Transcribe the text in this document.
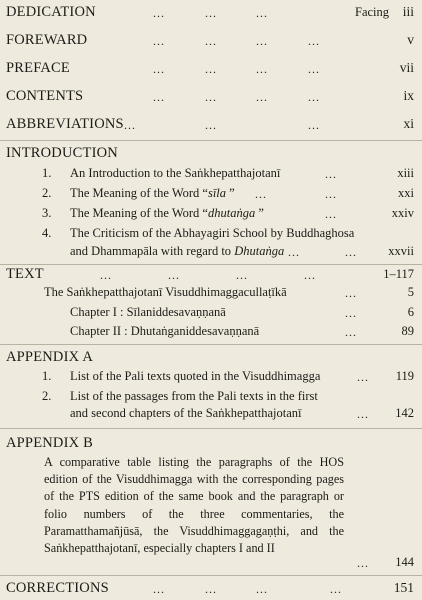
DEDICATION	...	...	...	Facing iii
FOREWARD	...	...	...	...	v
PREFACE	...	...	...	...	vii
CONTENTS	...	...	...	...	ix
ABBREVIATIONS ...	...	...	xi
INTRODUCTION
1. An Introduction to the Saṅkhepatthajotanī	...	xiii
2. The Meaning of the Word “sīla ” ...	...	xxi
3. The Meaning of the Word “dhutaṅga ”	...	xxiv
4. The Criticism of the Abhayagiri School by Buddhaghosa
and Dhammapāla with regard to Dhutaṅga ...	...	xxvii
TEXT	...	...	...	...	1–117
The Saṅkhepatthajotanī Visuddhimaggacullaṭīkā	...	5
Chapter I : Sīlaniddesavaṇṇanā	...	6
Chapter II : Dhutaṅganiddesavaṇṇanā	...	89
APPENDIX A
1. List of the Pali texts quoted in the Visuddhimagga	... 119
2. List of the passages from the Pali texts in the first
and second chapters of the Saṅkhepatthajotanī	... 142
APPENDIX B
A comparative table listing the paragraphs of the HOS edition of the Visuddhimagga with the corresponding pages of the PTS edition of the same book and the paragraph or folio numbers of the three commentaries, the Paramatthamañjūsā, the Visuddhimaggagaṇṭhi, and the Saṅkhepatthajotanī, especially chapters I and II
... 144
CORRECTIONS	...	...	...	...	151
